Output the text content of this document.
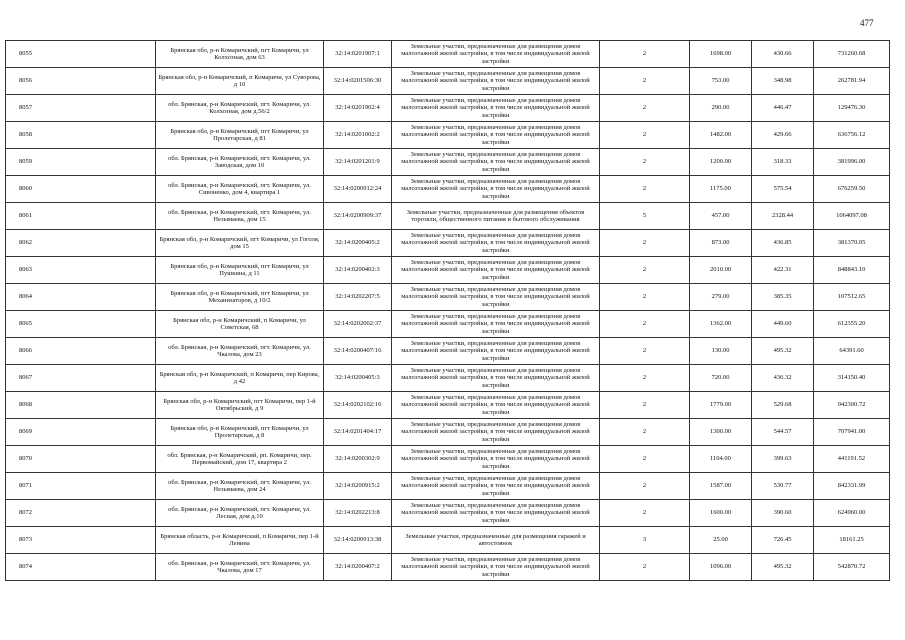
477
8055	Брянская обл, р-н Комаричский, пгт Комаричи, ул Колхозная, дом 63	32:14:0201907:1	Земельные участки, предназначенные для размещения домов малоэтажной жилой застройки, в том числе индивидуальной жилой застройки	2	1698.00	430.66	731260.68
8056	Брянская обл, р-н Комаричский, п Комаричи, ул Суворова, д 10	32:14:0201506:30	Земельные участки, предназначенные для размещения домов малоэтажной жилой застройки, в том числе индивидуальной жилой застройки	2	753.00	348.98	262781.94
8057	обл. Брянская, р-н Комаричский, пгт. Комаричи, ул. Колхозная, дом д.56/2	32:14:0201902:4	Земельные участки, предназначенные для размещения домов малоэтажной жилой застройки, в том числе индивидуальной жилой застройки	2	290.00	446.47	129476.30
8058	Брянская обл, р-н Комаричский, пгт Комаричи, ул Пролетарская, д 81	32:14:0201002:2	Земельные участки, предназначенные для размещения домов малоэтажной жилой застройки, в том числе индивидуальной жилой застройки	2	1482.00	429.66	636756.12
8059	обл. Брянская, р-н Комаричский, пгт. Комаричи, ул. Заводская, дом 10	32:14:0201201:9	Земельные участки, предназначенные для размещения домов малоэтажной жилой застройки, в том числе индивидуальной жилой застройки	2	1200.00	318.33	381996.00
8060	обл. Брянская, р-н Комаричский, пгт. Комаричи, ул. Сивоненко, дом 4, квартира 1	32:14:0200912:24	Земельные участки, предназначенные для размещения домов малоэтажной жилой застройки, в том числе индивидуальной жилой застройки	2	1175.00	575.54	676259.50
8061	обл. Брянская, р-н Комаричский, пгт. Комаричи, ул. Незымаева, дом 15	32:14:0200909:37	Земельные участки, предназначенные для размещения объектов торговли, общественного питания и бытового обслуживания	5	457.00	2328.44	1064097.08
8062	Брянская обл, р-н Комаричский, пгт Комаричи, ул Гоголя, дом 15	32:14:0200405:2	Земельные участки, предназначенные для размещения домов малоэтажной жилой застройки, в том числе индивидуальной жилой застройки	2	873.00	436.85	381370.05
8063	Брянская обл, р-н Комаричский, пгт Комаричи, ул Пушкина, д 11	32:14:0200402:3	Земельные участки, предназначенные для размещения домов малоэтажной жилой застройки, в том числе индивидуальной жилой застройки	2	2010.00	422.31	848843.10
8064	Брянская обл, р-н Комаричский, пгт Комаричи, ул Механизаторов, д 10/2	32:14:0202207:5	Земельные участки, предназначенные для размещения домов малоэтажной жилой застройки, в том числе индивидуальной жилой застройки	2	279.00	385.35	107512.65
8065	Брянская обл, р-н Комаричский, п Комаричи, ул Советская, 68	32:14:0202002:37	Земельные участки, предназначенные для размещения домов малоэтажной жилой застройки, в том числе индивидуальной жилой застройки	2	1362.00	449.60	612355.20
8066	обл. Брянская, р-н Комаричский, пгт. Комаричи, ул. Чкалова, дом 23	32:14:0200407:16	Земельные участки, предназначенные для размещения домов малоэтажной жилой застройки, в том числе индивидуальной жилой застройки	2	130.00	495.32	64391.60
8067	Брянская обл, р-н Комаричский, п Комаричи, пер Кирова, д 42	32:14:0200405:3	Земельные участки, предназначенные для размещения домов малоэтажной жилой застройки, в том числе индивидуальной жилой застройки	2	720.00	436.32	314150.40
8068	Брянская обл, р-н Комаричский, пгт Комаричи, пер 1-й Октябрьский, д 9	32:14:0202102:16	Земельные участки, предназначенные для размещения домов малоэтажной жилой застройки, в том числе индивидуальной жилой застройки	2	1779.00	529.68	942300.72
8069	Брянская обл, р-н Комаричский, пгт Комаричи, ул Пролетарская, д 8	32:14:0201404:17	Земельные участки, предназначенные для размещения домов малоэтажной жилой застройки, в том числе индивидуальной жилой застройки	2	1300.00	544.57	707941.00
8070	обл. Брянская, р-н Комаричский, рп. Комаричи, пер. Первомайский, дом 17, квартира 2	32:14:0200302:9	Земельные участки, предназначенные для размещения домов малоэтажной жилой застройки, в том числе индивидуальной жилой застройки	2	1104.00	399.63	441191.52
8071	обл. Брянская, р-н Комаричский, пгт. Комаричи, ул. Незымаева, дом 24	32:14:0200915:2	Земельные участки, предназначенные для размещения домов малоэтажной жилой застройки, в том числе индивидуальной жилой застройки	2	1587.00	530.77	842331.99
8072	обл. Брянская, р-н Комаричский, пгт. Комаричи, ул. Лесная, дом д.10	32:14:0202213:8	Земельные участки, предназначенные для размещения домов малоэтажной жилой застройки, в том числе индивидуальной жилой застройки	2	1600.00	390.60	624960.00
8073	Брянская область, р-н Комаричский, п Комаричи, пер 1-й Ленина	32:14:0200913:38	Земельные участки, предназначенные для размещения гаражей и автостоянок	3	25.00	726.45	18161.25
8074	обл. Брянская, р-н Комаричский, пгт. Комаричи, ул. Чкалова, дом 17	32:14:0200407:2	Земельные участки, предназначенные для размещения домов малоэтажной жилой застройки, в том числе индивидуальной жилой застройки	2	1096.00	495.32	542870.72
